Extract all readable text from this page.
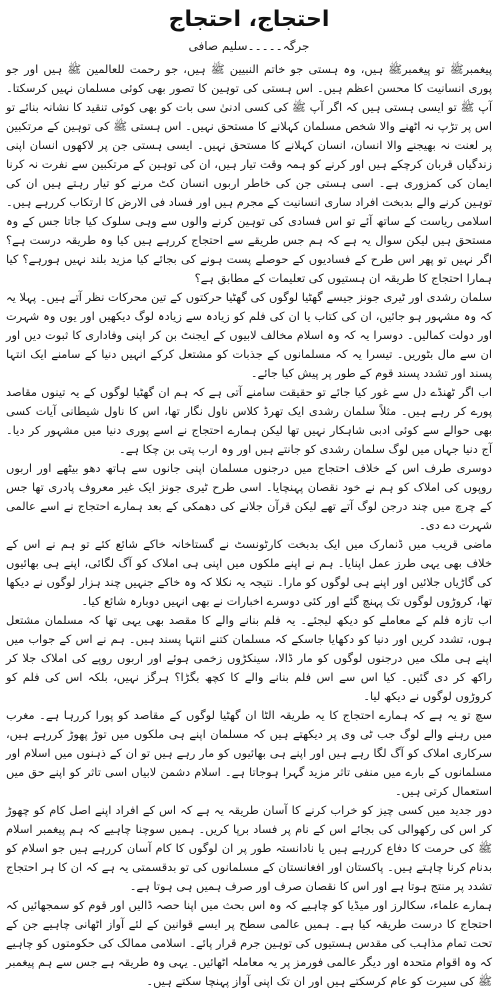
احتجاج، احتجاج
جرگہ۔۔۔۔۔سلیم صافی

پیغمبرﷺ تو پیغمبرﷺ ہیں، وہ ہستی جو خاتم النبیین ﷺ ہیں، جو رحمت للعالمین ﷺ ہیں اور جو پوری انسانیت کا محسن اعظم ہیں۔ اس ہستی کی توہین کا تصور بھی کوئی مسلمان نہیں کرسکتا۔ آپ ﷺ تو ایسی ہستی ہیں کہ اگر آپ ﷺ کی کسی ادنیٰ سی بات کو بھی کوئی تنقید کا نشانہ بنائے تو اس پر تڑپ نہ اٹھنے والا شخص مسلمان کہلانے کا مستحق نہیں۔ اس ہستی ﷺ کی توہین کے مرتکبین پر لعنت نہ بھیجنے والا انسان، انسان کہلانے کا مستحق نہیں۔ ایسی ہستی جن پر لاکھوں انسان اپنی زندگیاں قربان کرچکے ہیں اور کرنے کو ہمہ وقت تیار ہیں، ان کی توہین کے مرتکبین سے نفرت نہ کرنا ایمان کی کمزوری ہے۔ اسی ہستی جن کی خاطر اربوں انسان کٹ مرنے کو تیار رہتے ہیں ان کی توہین کرنے والے بدبخت افراد ساری انسانیت کے مجرم ہیں اور فساد فی الارض کا ارتکاب کررہے ہیں۔

اسلامی ریاست کے ساتھ آئے تو اس فسادی کی توہین کرنے والوں سے وہی سلوک کیا جاتا جس کے وہ مستحق ہیں لیکن سوال یہ ہے کہ ہم جس طریقے سے احتجاج کررہے ہیں کیا وہ طریقہ درست ہے؟ اگر نہیں تو پھر اس طرح کے فسادیوں کے حوصلے پست ہونے کی بجائے کیا مزید بلند نہیں ہورہے؟ کیا ہمارا احتجاج کا طریقہ ان ہستیوں کی تعلیمات کے مطابق ہے؟

سلمان رشدی اور ٹیری جونز جیسے گھٹیا لوگوں کی گھٹیا حرکتوں کے تین محرکات نظر آتے ہیں۔ پہلا یہ کہ وہ مشہور ہو جائیں، ان کی کتاب یا ان کی فلم کو زیادہ سے زیادہ لوگ دیکھیں اور یوں وہ شہرت اور دولت کمالیں۔ دوسرا یہ کہ وہ اسلام مخالف لابیوں کے ایجنٹ بن کر اپنی وفاداری کا ثبوت دیں اور ان سے مال بٹوریں۔ تیسرا یہ کہ مسلمانوں کے جذبات کو مشتعل کرکے انہیں دنیا کے سامنے ایک انتہا پسند اور تشدد پسند قوم کے طور پر پیش کیا جائے۔

اب اگر ٹھنڈے دل سے غور کیا جائے تو حقیقت سامنے آتی ہے کہ ہم ان گھٹیا لوگوں کے یہ تینوں مقاصد پورے کر رہے ہیں۔ مثلاً سلمان رشدی ایک تھرڈ کلاس ناول نگار تھا، اس کا ناول شیطانی آیات کسی بھی حوالے سے کوئی ادبی شاہکار نہیں تھا لیکن ہمارے احتجاج نے اسے پوری دنیا میں مشہور کر دیا۔ آج دنیا جہاں میں لوگ سلمان رشدی کو جانتے ہیں اور وہ ارب پتی بن چکا ہے۔

دوسری طرف اس کے خلاف احتجاج میں درجنوں مسلمان اپنی جانوں سے ہاتھ دھو بیٹھے اور اربوں روپوں کی املاک کو ہم نے خود نقصان پہنچایا۔ اسی طرح ٹیری جونز ایک غیر معروف پادری تھا جس کے چرچ میں چند درجن لوگ آتے تھے لیکن قرآن جلانے کی دھمکی کے بعد ہمارے احتجاج نے اسے عالمی شہرت دے دی۔

ماضی قریب میں ڈنمارک میں ایک بدبخت کارٹونسٹ نے گستاخانہ خاکے شائع کئے تو ہم نے اس کے خلاف بھی یہی طرز عمل اپنایا۔ ہم نے اپنے ملکوں میں اپنی ہی املاک کو آگ لگائی، اپنے ہی بھائیوں کی گاڑیاں جلائیں اور اپنے ہی لوگوں کو مارا۔ نتیجہ یہ نکلا کہ وہ خاکے جنہیں چند ہزار لوگوں نے دیکھا تھا، کروڑوں لوگوں تک پہنچ گئے اور کئی دوسرے اخبارات نے بھی انہیں دوبارہ شائع کیا۔

اب تازہ فلم کے معاملے کو دیکھ لیجئے۔ یہ فلم بنانے والے کا مقصد بھی یہی تھا کہ مسلمان مشتعل ہوں، تشدد کریں اور دنیا کو دکھایا جاسکے کہ مسلمان کتنے انتہا پسند ہیں۔ ہم نے اس کے جواب میں اپنے ہی ملک میں درجنوں لوگوں کو مار ڈالا، سینکڑوں زخمی ہوئے اور اربوں روپے کی املاک جلا کر راکھ کر دی گئیں۔ کیا اس سے اس فلم بنانے والے کا کچھ بگڑا؟ ہرگز نہیں، بلکہ اس کی فلم کو کروڑوں لوگوں نے دیکھ لیا۔

سچ تو یہ ہے کہ ہمارے احتجاج کا یہ طریقہ الٹا ان گھٹیا لوگوں کے مقاصد کو پورا کررہا ہے۔ مغرب میں رہنے والے لوگ جب ٹی وی پر دیکھتے ہیں کہ مسلمان اپنے ہی ملکوں میں توڑ پھوڑ کررہے ہیں، سرکاری املاک کو آگ لگا رہے ہیں اور اپنے ہی بھائیوں کو مار رہے ہیں تو ان کے ذہنوں میں اسلام اور مسلمانوں کے بارے میں منفی تاثر مزید گہرا ہوجاتا ہے۔ اسلام دشمن لابیاں اسی تاثر کو اپنے حق میں استعمال کرتی ہیں۔

دور جدید میں کسی چیز کو خراب کرنے کا آسان طریقہ یہ ہے کہ اس کے افراد اپنے اصل کام کو چھوڑ کر اس کی رکھوالی کی بجائے اس کے نام پر فساد برپا کریں۔ ہمیں سوچنا چاہیے کہ ہم پیغمبر اسلام ﷺ کی حرمت کا دفاع کررہے ہیں یا نادانستہ طور پر ان لوگوں کا کام آسان کررہے ہیں جو اسلام کو بدنام کرنا چاہتے ہیں۔ پاکستان اور افغانستان کے مسلمانوں کی تو بدقسمتی یہ ہے کہ ان کا ہر احتجاج تشدد پر منتج ہوتا ہے اور اس کا نقصان صرف اور صرف ہمیں ہی ہوتا ہے۔

ہمارے علماء، سکالرز اور میڈیا کو چاہیے کہ وہ اس بحث میں اپنا حصہ ڈالیں اور قوم کو سمجھائیں کہ احتجاج کا درست طریقہ کیا ہے۔ ہمیں عالمی سطح پر ایسے قوانین کے لئے آواز اٹھانی چاہیے جن کے تحت تمام مذاہب کی مقدس ہستیوں کی توہین جرم قرار پائے۔ اسلامی ممالک کی حکومتوں کو چاہیے کہ وہ اقوام متحدہ اور دیگر عالمی فورمز پر یہ معاملہ اٹھائیں۔ یہی وہ طریقہ ہے جس سے ہم پیغمبر ﷺ کی سیرت کو عام کرسکتے ہیں اور ان تک اپنی آواز پہنچا سکتے ہیں۔
